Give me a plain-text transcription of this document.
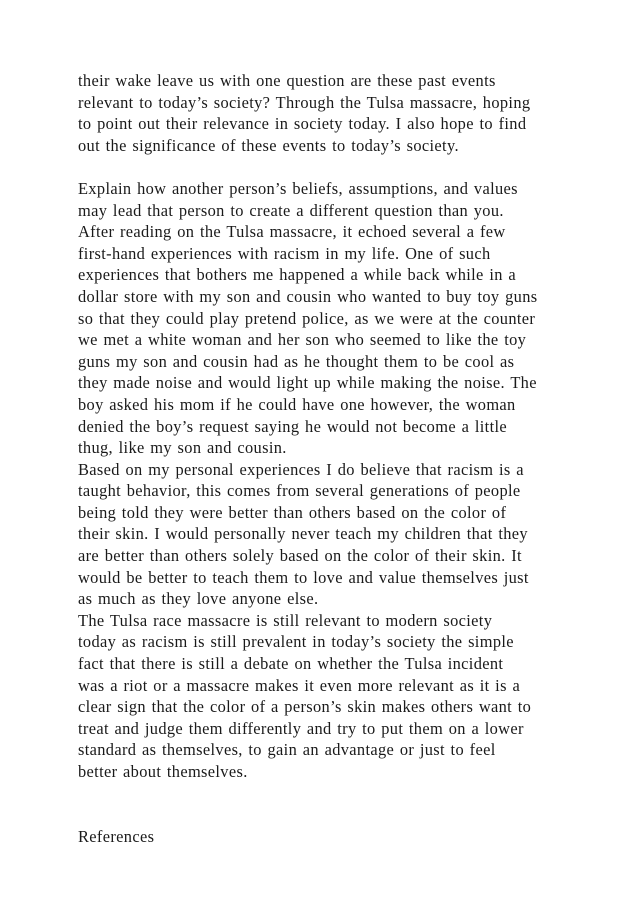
their wake leave us with one question are these past events
relevant to today’s society? Through the Tulsa massacre, hoping
to point out their relevance in society today. I also hope to find
out the significance of these events to today’s society.
Explain how another person’s beliefs, assumptions, and values
may lead that person to create a different question than you.
After reading on the Tulsa massacre, it echoed several a few
first-hand experiences with racism in my life. One of such
experiences that bothers me happened a while back while in a
dollar store with my son and cousin who wanted to buy toy guns
so that they could play pretend police, as we were at the counter
we met a white woman and her son who seemed to like the toy
guns my son and cousin had as he thought them to be cool as
they made noise and would light up while making the noise. The
boy asked his mom if he could have one however, the woman
denied the boy’s request saying he would not become a little
thug, like my son and cousin.
Based on my personal experiences I do believe that racism is a
taught behavior, this comes from several generations of people
being told they were better than others based on the color of
their skin. I would personally never teach my children that they
are better than others solely based on the color of their skin. It
would be better to teach them to love and value themselves just
as much as they love anyone else.
The Tulsa race massacre is still relevant to modern society
today as racism is still prevalent in today’s society the simple
fact that there is still a debate on whether the Tulsa incident
was a riot or a massacre makes it even more relevant as it is a
clear sign that the color of a person’s skin makes others want to
treat and judge them differently and try to put them on a lower
standard as themselves, to gain an advantage or just to feel
better about themselves.
References
